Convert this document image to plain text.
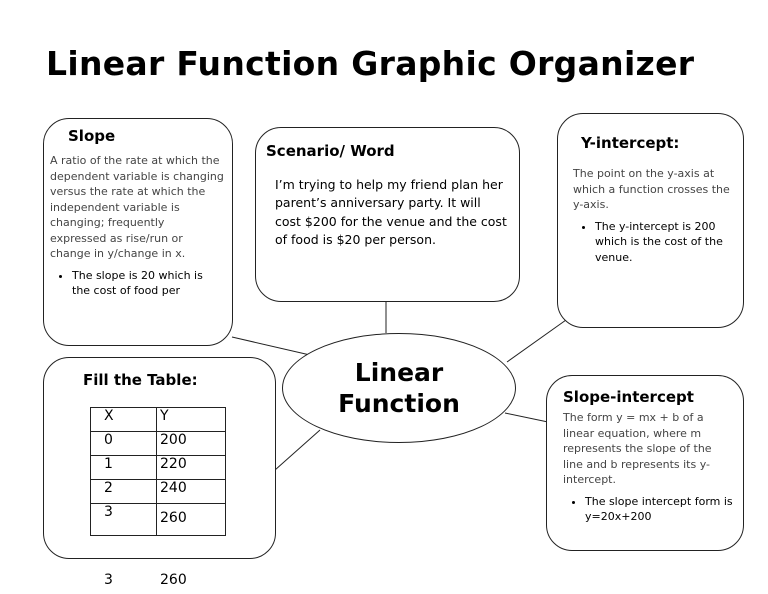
Linear Function Graphic Organizer
Slope
A ratio of the rate at which the dependent variable is changing versus the rate at which the independent variable is changing; frequently expressed as rise/run or change in y/change in x.
• The slope is 20 which is the cost of food per
Scenario/ Word

I’m trying to help my friend plan her parent’s anniversary party. It will cost $200 for the venue and the cost of food is $20 per person.

Y-intercept:
The point on the y-axis at which a function crosses the y-axis.
• The y-intercept is 200 which is the cost of the venue.
Fill the Table:
X	Y
0	200
1	220
2	240
3	260
3	260
Slope-intercept
The form y = mx + b of a linear equation, where m represents the slope of the line and b represents its y-intercept.
• The slope intercept form is y=20x+200
Linear
Function
